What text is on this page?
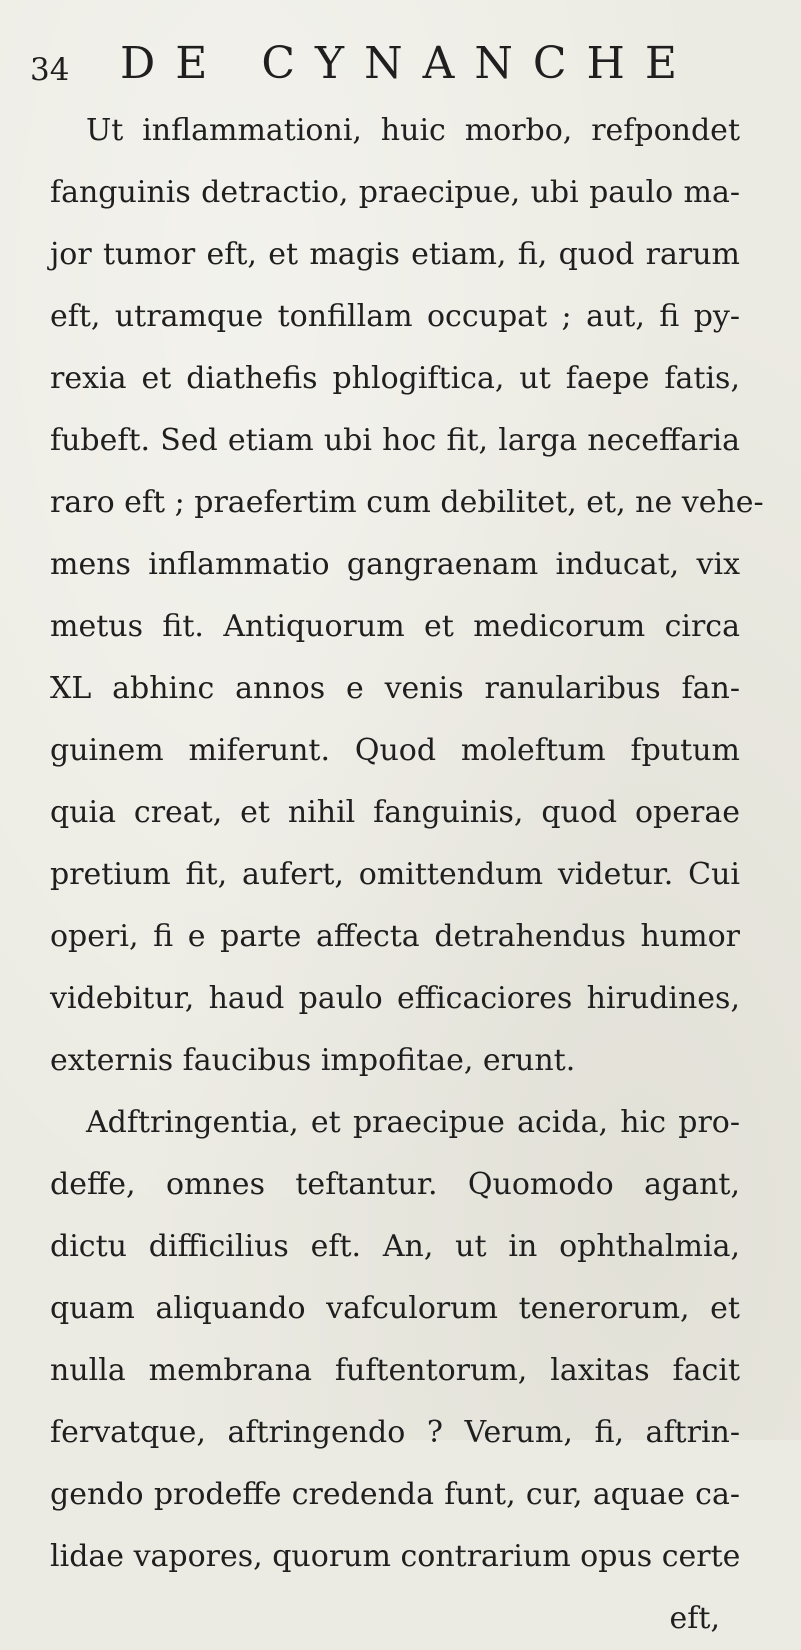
34 DE CYNANCHE
Ut inflammationi, huic morbo, refpondet
fanguinis detractio, praecipue, ubi paulo ma-
jor tumor eft, et magis etiam, fi, quod rarum
eft, utramque tonfillam occupat ; aut, fi py-
rexia et diathefis phlogiftica, ut faepe fatis,
fubeft. Sed etiam ubi hoc fit, larga neceffaria
raro eft ; praefertim cum debilitet, et, ne vehe-
mens inflammatio gangraenam inducat, vix
metus fit. Antiquorum et medicorum circa
XL abhinc annos e venis ranularibus fan-
guinem miferunt. Quod moleftum fputum
quia creat, et nihil fanguinis, quod operae
pretium fit, aufert, omittendum videtur. Cui
operi, fi e parte affecta detrahendus humor
videbitur, haud paulo efficaciores hirudines,
externis faucibus impofitae, erunt.
Adftringentia, et praecipue acida, hic pro-
deffe, omnes teftantur. Quomodo agant,
dictu difficilius eft. An, ut in ophthalmia,
quam aliquando vafculorum tenerorum, et
nulla membrana fuftentorum, laxitas facit
fervatque, aftringendo ? Verum, fi, aftrin-
gendo prodeffe credenda funt, cur, aquae ca-
lidae vapores, quorum contrarium opus certe
eft,
